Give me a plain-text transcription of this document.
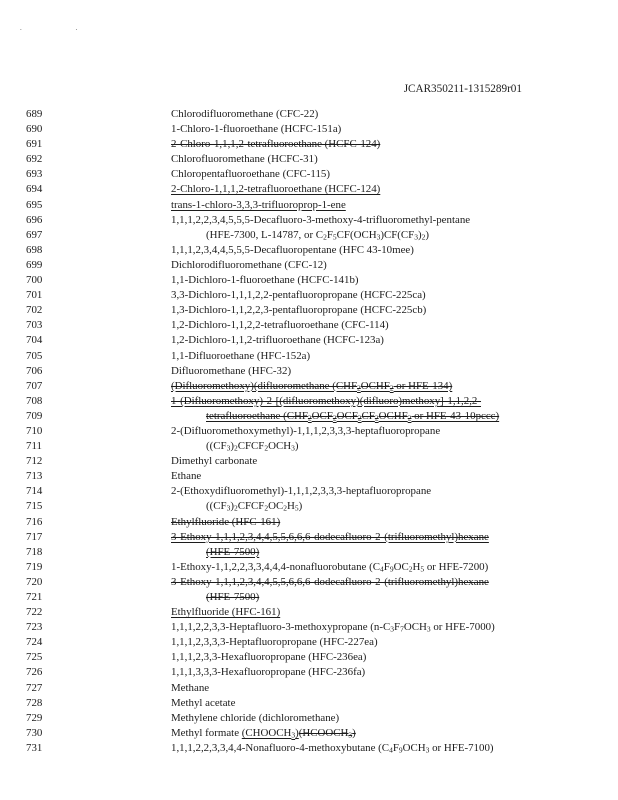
. .
JCAR350211-1315289r01
689	Chlorodifluoromethane (CFC-22)
690	1-Chloro-1-fluoroethane (HCFC-151a)
691	2-Chloro-1,1,1,2-tetrafluoroethane (HCFC-124)
692	Chlorofluoromethane (HCFC-31)
693	Chloropentafluoroethane (CFC-115)
694	2-Chloro-1,1,1,2-tetrafluoroethane (HCFC-124)
695	trans-1-chloro-3,3,3-trifluoroprop-1-ene
696	1,1,1,2,2,3,4,5,5,5-Decafluoro-3-methoxy-4-trifluoromethyl-pentane
697	(HFE-7300, L-14787, or $C_2F_5CF(OCH_3)CF(CF_3)_2$)
698	1,1,1,2,3,4,4,5,5,5-Decafluoropentane (HFC 43-10mee)
699	Dichlorodifluoromethane (CFC-12)
700	1,1-Dichloro-1-fluoroethane (HCFC-141b)
701	3,3-Dichloro-1,1,1,2,2-pentafluoropropane (HCFC-225ca)
702	1,3-Dichloro-1,1,2,2,3-pentafluoropropane (HCFC-225cb)
703	1,2-Dichloro-1,1,2,2-tetrafluoroethane (CFC-114)
704	1,2-Dichloro-1,1,2-trifluoroethane (HCFC-123a)
705	1,1-Difluoroethane (HFC-152a)
706	Difluoromethane (HFC-32)
707	(Difluoromethoxy)(difluoromethane ($CHF_2OCHF_2$ or HFE-134)
708	1-(Difluoromethoxy)-2-[(difluoromethoxy)(difluoro)methoxy]-1,1,2,2-
709	tetrafluoroethane ($CHF_2OCF_2OCF_2CF_2OCHF_2$ or HFE-43-10pccc)
710	2-(Difluoromethoxymethyl)-1,1,1,2,3,3,3-heptafluoropropane
711	$((CF_3)_2CFCF_2OCH_3)$
712	Dimethyl carbonate
713	Ethane
714	2-(Ethoxydifluoromethyl)-1,1,1,2,3,3,3-heptafluoropropane
715	$((CF_3)_2CFCF_2OC_2H_5)$
716	Ethylfluoride (HFC-161)
717	3-Ethoxy-1,1,1,2,3,4,4,5,5,6,6,6-dodecafluoro-2-(trifluoromethyl)hexane
718	(HFE-7500)
719	1-Ethoxy-1,1,2,2,3,3,4,4,4-nonafluorobutane ($C_4F_9OC_2H_5$ or HFE-7200)
720	3-Ethoxy-1,1,1,2,3,4,4,5,5,6,6,6-dodecafluoro-2-(trifluoromethyl)hexane
721	(HFE-7500)
722	Ethylfluoride (HFC-161)
723	1,1,1,2,2,3,3-Heptafluoro-3-methoxypropane ($n-C_3F_7OCH_3$ or HFE-7000)
724	1,1,1,2,3,3,3-Heptafluoropropane (HFC-227ea)
725	1,1,1,2,3,3-Hexafluoropropane (HFC-236ea)
726	1,1,1,3,3,3-Hexafluoropropane (HFC-236fa)
727	Methane
728	Methyl acetate
729	Methylene chloride (dichloromethane)
730	Methyl formate $(CHOOCH_3)(HCOOCH_3)$
731	1,1,1,2,2,3,3,4,4-Nonafluoro-4-methoxybutane ($C_4F_9OCH_3$ or HFE-7100)
